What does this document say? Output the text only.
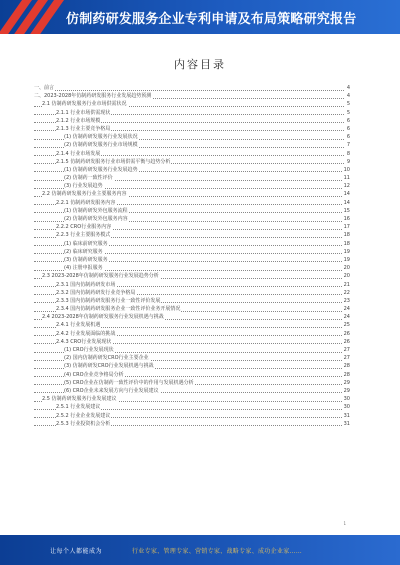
仿制药研发服务企业专利申请及布局策略研究报告
内容目录
一、前言	4
二、2023-2028年仿制药研发服务行业发展趋势预测	4
2.1 仿制药研发服务行业市场供需状况	5
2.1.1 行业市场供需现状	5
2.1.2 行业市场规模	6
2.1.3 行业主要竞争格局	6
(1) 仿制药研发服务行业发展状况	6
(2) 仿制药研发服务行业市场规模	7
2.1.4 行业市场发展	8
2.1.5 仿制药研发服务行业市场供需平衡与趋势分析	9
(1) 仿制药研发服务行业发展趋势	10
(2) 仿制药一致性评价	11
(3) 行业发展趋势	12
2.2 仿制药研发服务行业主要服务内容	14
2.2.1 仿制药研发服务内容	14
(1) 仿制药研发外包服务流程	15
(2) 仿制药研发外包服务内容	16
2.2.2 CRO行业服务内容	17
2.2.3 行业主要服务模式	18
(1) 临床前研究服务	18
(2) 临床研究服务	19
(3) 仿制药研发服务	19
(4) 注册申报服务	20
2.3 2023-2028年仿制药研发服务行业发展趋势分析	20
2.3.1 国内仿制药研发市场	21
2.3.2 国内仿制药研发行业竞争格局	22
2.3.3 国内仿制药研发服务行业一致性评价发展	23
2.3.4 国内仿制药研发服务企业一致性评价业务开展情况	24
2.4 2023-2028年仿制药研发服务行业发展机遇与挑战	24
2.4.1 行业发展机遇	25
2.4.2 行业发展面临的挑战	26
2.4.3 CRO行业发展现状	26
(1) CRO行业发展现状	27
(2) 国内仿制药研发CRO行业主要企业	27
(3) 仿制药研发CRO行业发展机遇与挑战	28
(4) CRO企业竞争格局分析	28
(5) CRO企业在仿制药一致性评价中的作用与发展机遇分析	29
(6) CRO企业未来发展方向与行业发展建议	29
2.5 仿制药研发服务行业发展建议	30
2.5.1 行业发展建议	30
2.5.2 行业企业发展建议	31
2.5.3 行业投资机会分析	31
1
让每个人都能成为	行业专家、管理专家、营销专家、战略专家、成功企业家……
